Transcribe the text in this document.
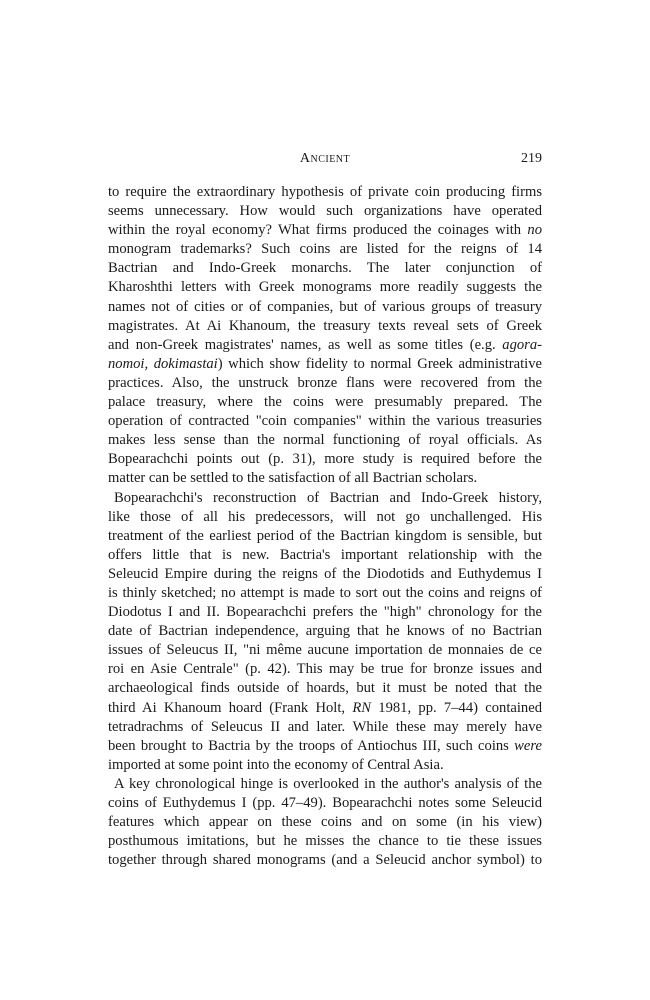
Ancient	219
to require the extraordinary hypothesis of private coin producing firms
seems unnecessary. How would such organizations have operated
within the royal economy? What firms produced the coinages with no
monogram trademarks? Such coins are listed for the reigns of 14
Bactrian and Indo-Greek monarchs. The later conjunction of
Kharoshthi letters with Greek monograms more readily suggests the
names not of cities or of companies, but of various groups of treasury
magistrates. At Ai Khanoum, the treasury texts reveal sets of Greek
and non-Greek magistrates' names, as well as some titles (e.g. agora-
nomoi, dokimastai) which show fidelity to normal Greek administrative
practices. Also, the unstruck bronze flans were recovered from the
palace treasury, where the coins were presumably prepared. The
operation of contracted "coin companies" within the various treasuries
makes less sense than the normal functioning of royal officials. As
Bopearachchi points out (p. 31), more study is required before the
matter can be settled to the satisfaction of all Bactrian scholars.
Bopearachchi's reconstruction of Bactrian and Indo-Greek history,
like those of all his predecessors, will not go unchallenged. His
treatment of the earliest period of the Bactrian kingdom is sensible, but
offers little that is new. Bactria's important relationship with the
Seleucid Empire during the reigns of the Diodotids and Euthydemus I
is thinly sketched; no attempt is made to sort out the coins and reigns of
Diodotus I and II. Bopearachchi prefers the "high" chronology for the
date of Bactrian independence, arguing that he knows of no Bactrian
issues of Seleucus II, "ni même aucune importation de monnaies de ce
roi en Asie Centrale" (p. 42). This may be true for bronze issues and
archaeological finds outside of hoards, but it must be noted that the
third Ai Khanoum hoard (Frank Holt, RN 1981, pp. 7–44) contained
tetradrachms of Seleucus II and later. While these may merely have
been brought to Bactria by the troops of Antiochus III, such coins were
imported at some point into the economy of Central Asia.
A key chronological hinge is overlooked in the author's analysis of the
coins of Euthydemus I (pp. 47–49). Bopearachchi notes some Seleucid
features which appear on these coins and on some (in his view)
posthumous imitations, but he misses the chance to tie these issues
together through shared monograms (and a Seleucid anchor symbol) to
